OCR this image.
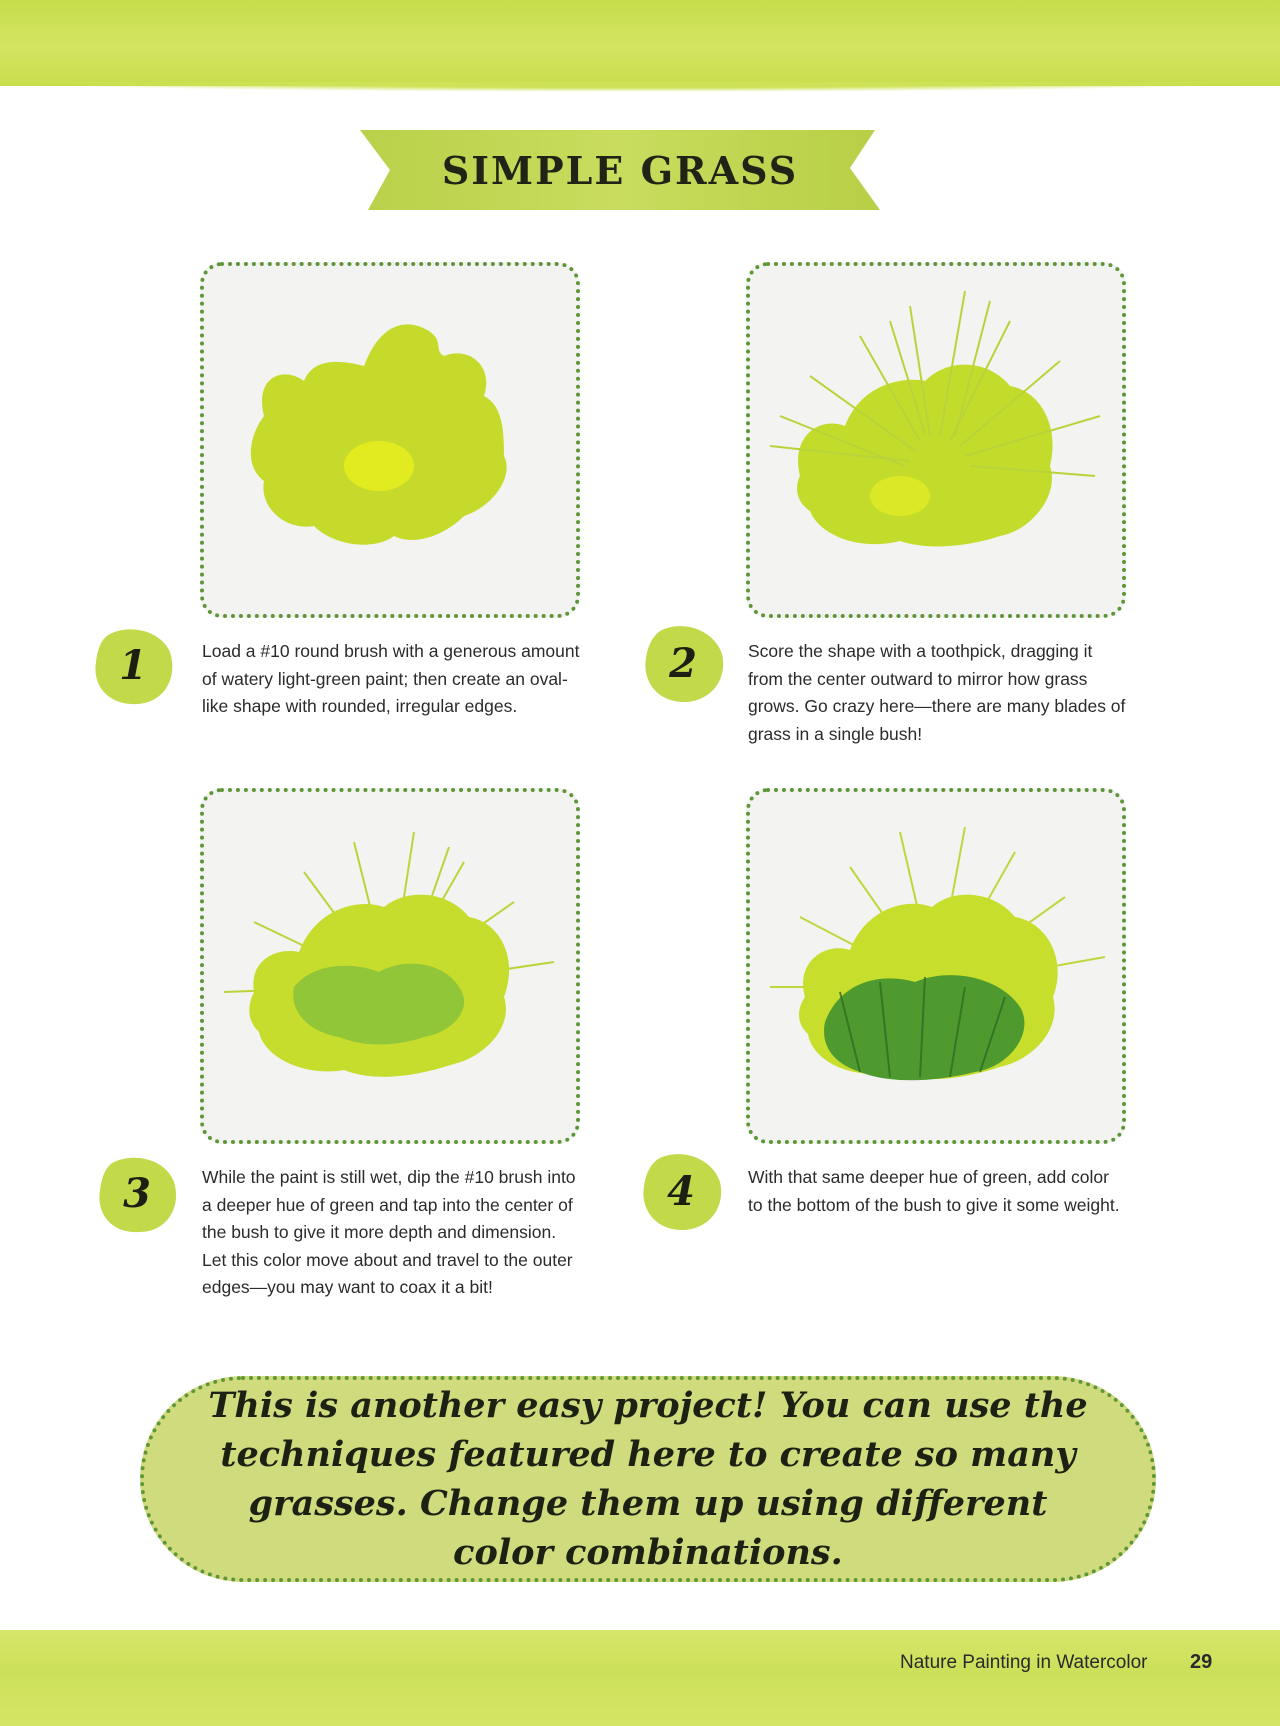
SIMPLE GRASS
1	Load a #10 round brush with a generous amount of watery light-green paint; then create an oval-like shape with rounded, irregular edges.
2	Score the shape with a toothpick, dragging it from the center outward to mirror how grass grows. Go crazy here—there are many blades of grass in a single bush!
3	While the paint is still wet, dip the #10 brush into a deeper hue of green and tap into the center of the bush to give it more depth and dimension. Let this color move about and travel to the outer edges—you may want to coax it a bit!
4	With that same deeper hue of green, add color to the bottom of the bush to give it some weight.
This is another easy project! You can use the techniques featured here to create so many grasses. Change them up using different color combinations.
Nature Painting in Watercolor 29
